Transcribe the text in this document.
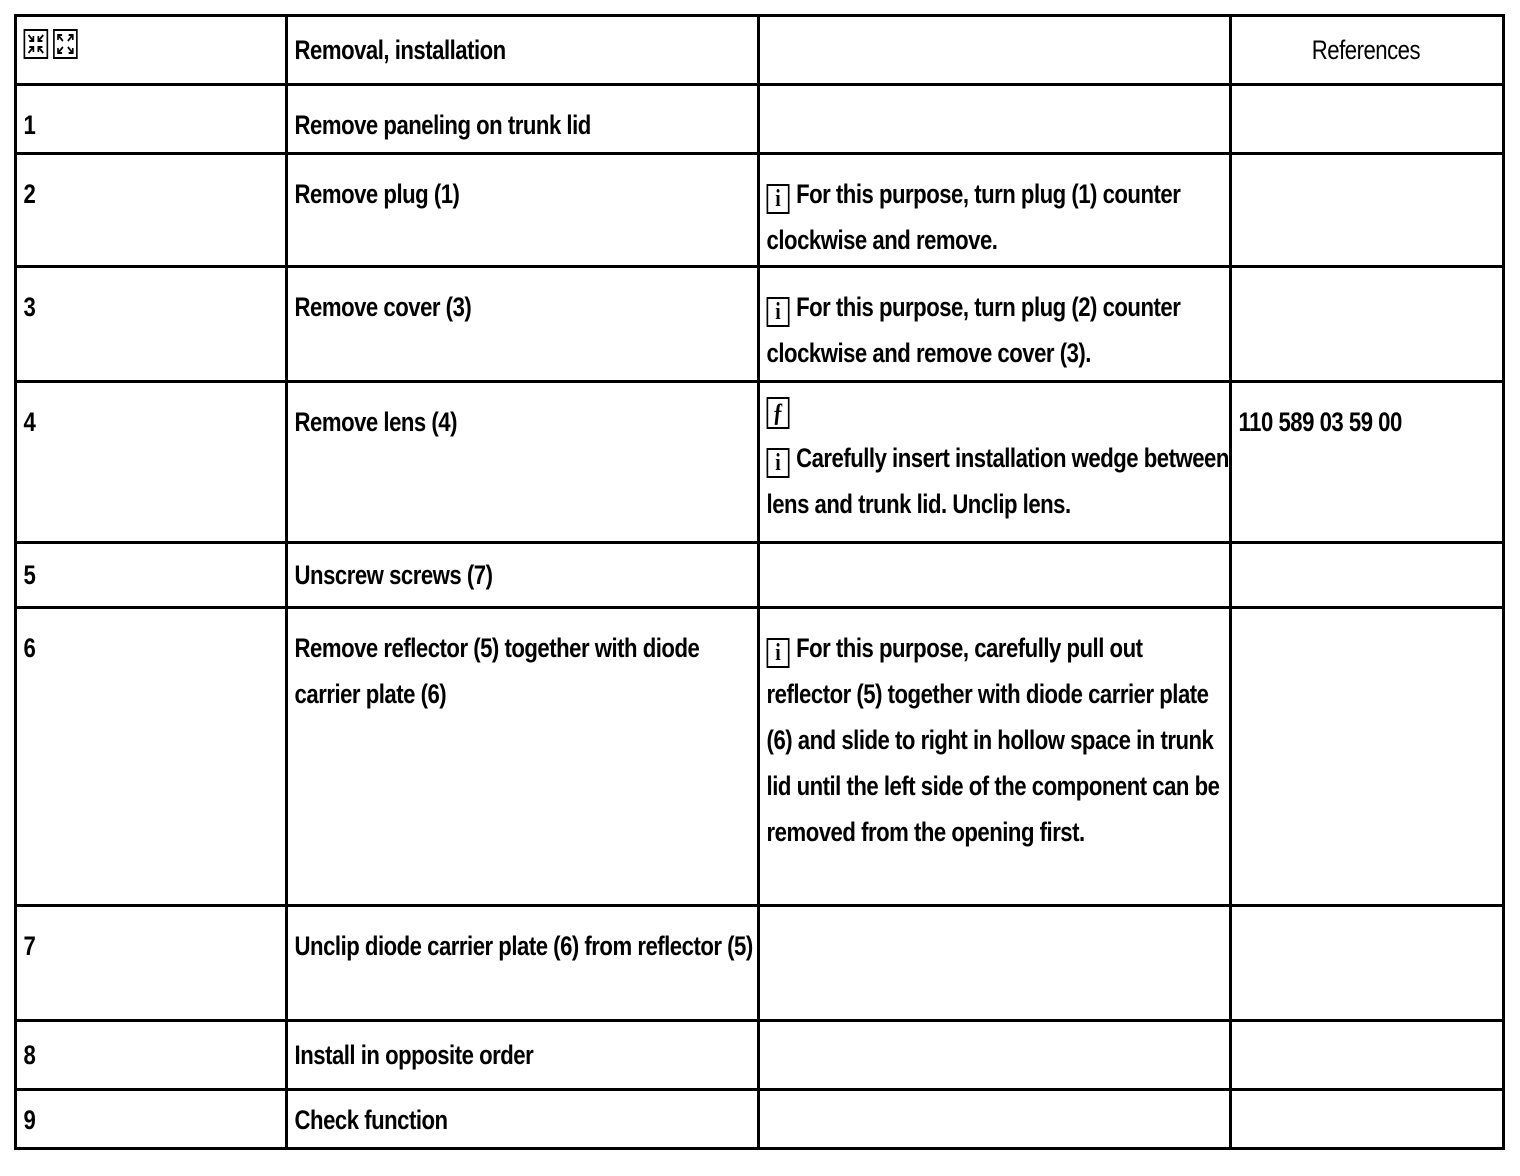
Removal, installation		References

1	Remove paneling on trunk lid		

2	Remove plug (1)	i For this purpose, turn plug (1) counter clockwise and remove.	

3	Remove cover (3)	i For this purpose, turn plug (2) counter clockwise and remove cover (3).	

4	Remove lens (4)	ƒ
i Carefully insert installation wedge between lens and trunk lid. Unclip lens.	110 589 03 59 00

5	Unscrew screws (7)		

6	Remove reflector (5) together with diode carrier plate (6)	i For this purpose, carefully pull out reflector (5) together with diode carrier plate (6) and slide to right in hollow space in trunk lid until the left side of the component can be removed from the opening first.	

7	Unclip diode carrier plate (6) from reflector (5)		

8	Install in opposite order		

9	Check function		
